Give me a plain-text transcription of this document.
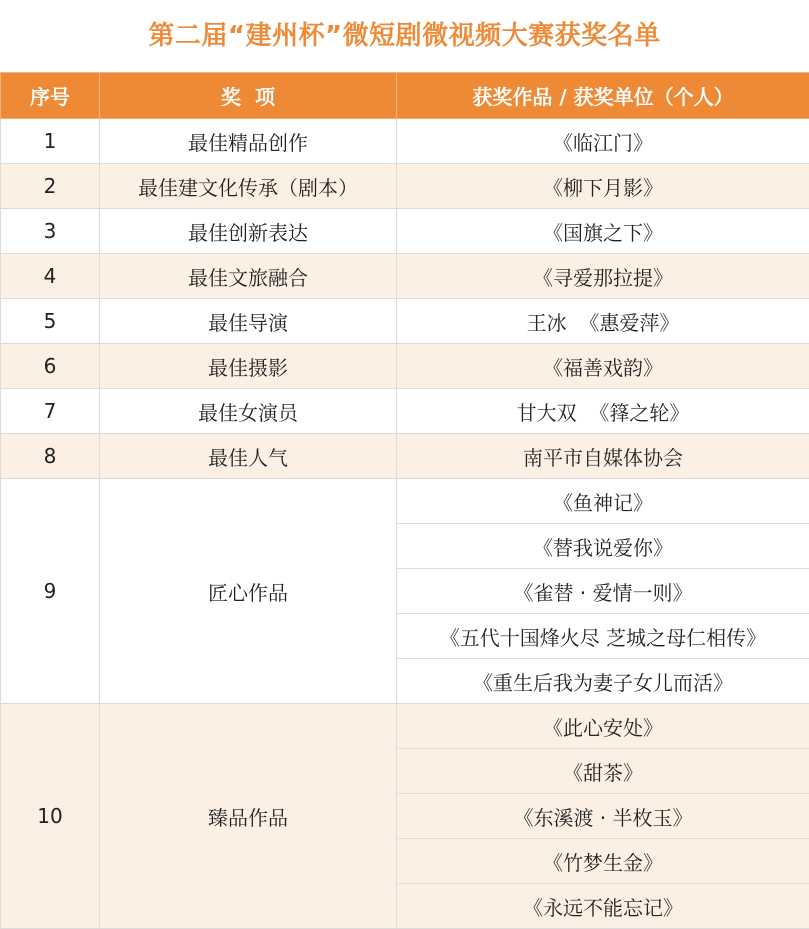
第二届“建州杯”微短剧微视频大赛获奖名单
序号	奖  项	获奖作品 / 获奖单位（个人）
1	最佳精品创作	《临江门》
2	最佳建文化传承（剧本）	《柳下月影》
3	最佳创新表达	《国旗之下》
4	最佳文旅融合	《寻爱那拉提》
5	最佳导演	王冰  《惠爱萍》
6	最佳摄影	《福善戏韵》
7	最佳女演员	甘大双  《箨之轮》
8	最佳人气	南平市自媒体协会
9	匠心作品	《鱼神记》
		《替我说爱你》
		《雀替 · 爱情一则》
		《五代十国烽火尽 芝城之母仁相传》
		《重生后我为妻子女儿而活》
10	臻品作品	《此心安处》
		《甜茶》
		《东溪渡 · 半枚玉》
		《竹梦生金》
		《永远不能忘记》
